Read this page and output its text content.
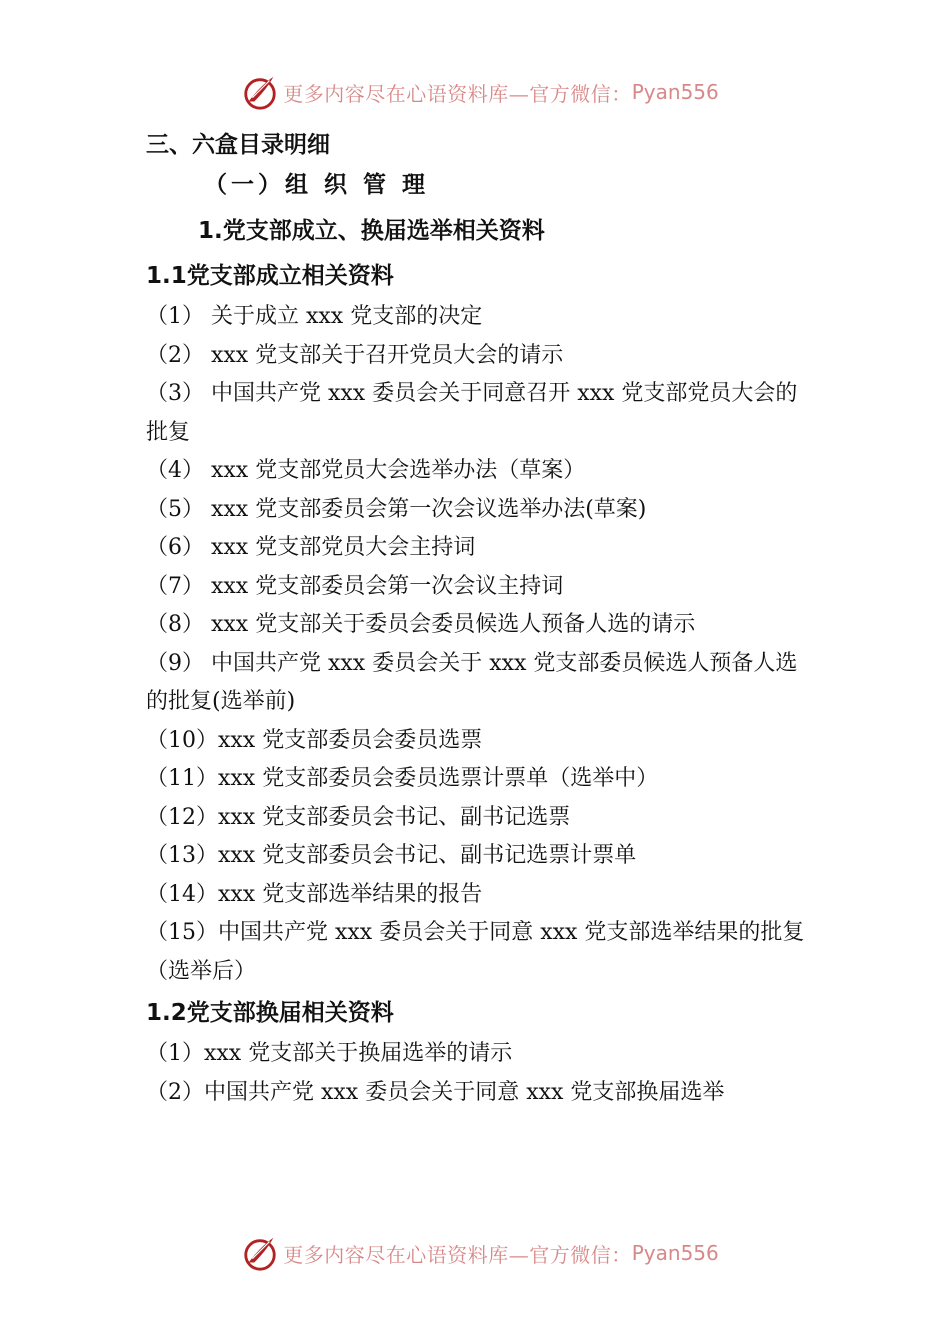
更多内容尽在心语资料库—官方微信： Pyan556
三、六盒目录明细
（一）组 织 管 理
1.党支部成立、换届选举相关资料
1.1党支部成立相关资料
（1） 关于成立 xxx 党支部的决定
（2） xxx 党支部关于召开党员大会的请示
（3） 中国共产党 xxx 委员会关于同意召开 xxx 党支部党员大会的批复
（4） xxx 党支部党员大会选举办法（草案）
（5） xxx 党支部委员会第一次会议选举办法(草案)
（6） xxx 党支部党员大会主持词
（7） xxx 党支部委员会第一次会议主持词
（8） xxx 党支部关于委员会委员候选人预备人选的请示
（9） 中国共产党 xxx 委员会关于 xxx 党支部委员候选人预备人选的批复(选举前)
（10）xxx 党支部委员会委员选票
（11）xxx 党支部委员会委员选票计票单（选举中）
（12）xxx 党支部委员会书记、副书记选票
（13）xxx 党支部委员会书记、副书记选票计票单
（14）xxx 党支部选举结果的报告
（15）中国共产党 xxx 委员会关于同意 xxx 党支部选举结果的批复（选举后）
1.2党支部换届相关资料
（1）xxx 党支部关于换届选举的请示
（2）中国共产党 xxx 委员会关于同意 xxx 党支部换届选举
更多内容尽在心语资料库—官方微信： Pyan556
